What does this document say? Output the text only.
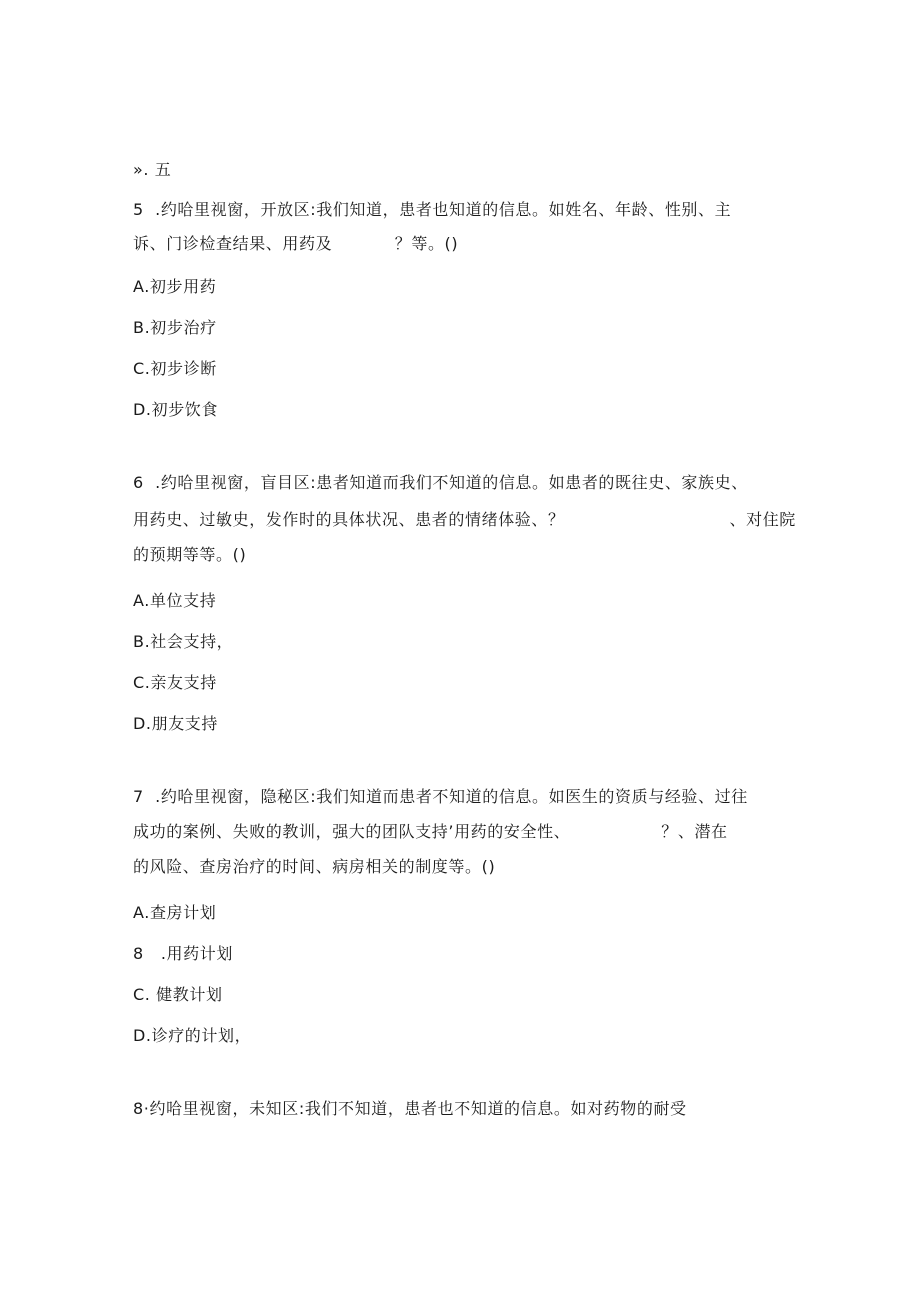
». 五
5  .约哈里视窗，开放区:我们知道，患者也知道的信息。如姓名、年龄、性别、主
诉、门诊检查结果、用药及           ？等。()
A.初步用药
B.初步治疗
C.初步诊断
D.初步饮食
6  .约哈里视窗，盲目区:患者知道而我们不知道的信息。如患者的既往史、家族史、
用药史、过敏史，发作时的具体状况、患者的情绪体验、？                             、对住院
的预期等等。()
A.单位支持
B.社会支持，
C.亲友支持
D.朋友支持
7  .约哈里视窗，隐秘区:我们知道而患者不知道的信息。如医生的资质与经验、过往
成功的案例、失败的教训，强大的团队支持’用药的安全性、                ？、潜在
的风险、查房治疗的时间、病房相关的制度等。()
A.查房计划
8   .用药计划
C. 健教计划
D.诊疗的计划，
8·约哈里视窗，未知区:我们不知道，患者也不知道的信息。如对药物的耐受
